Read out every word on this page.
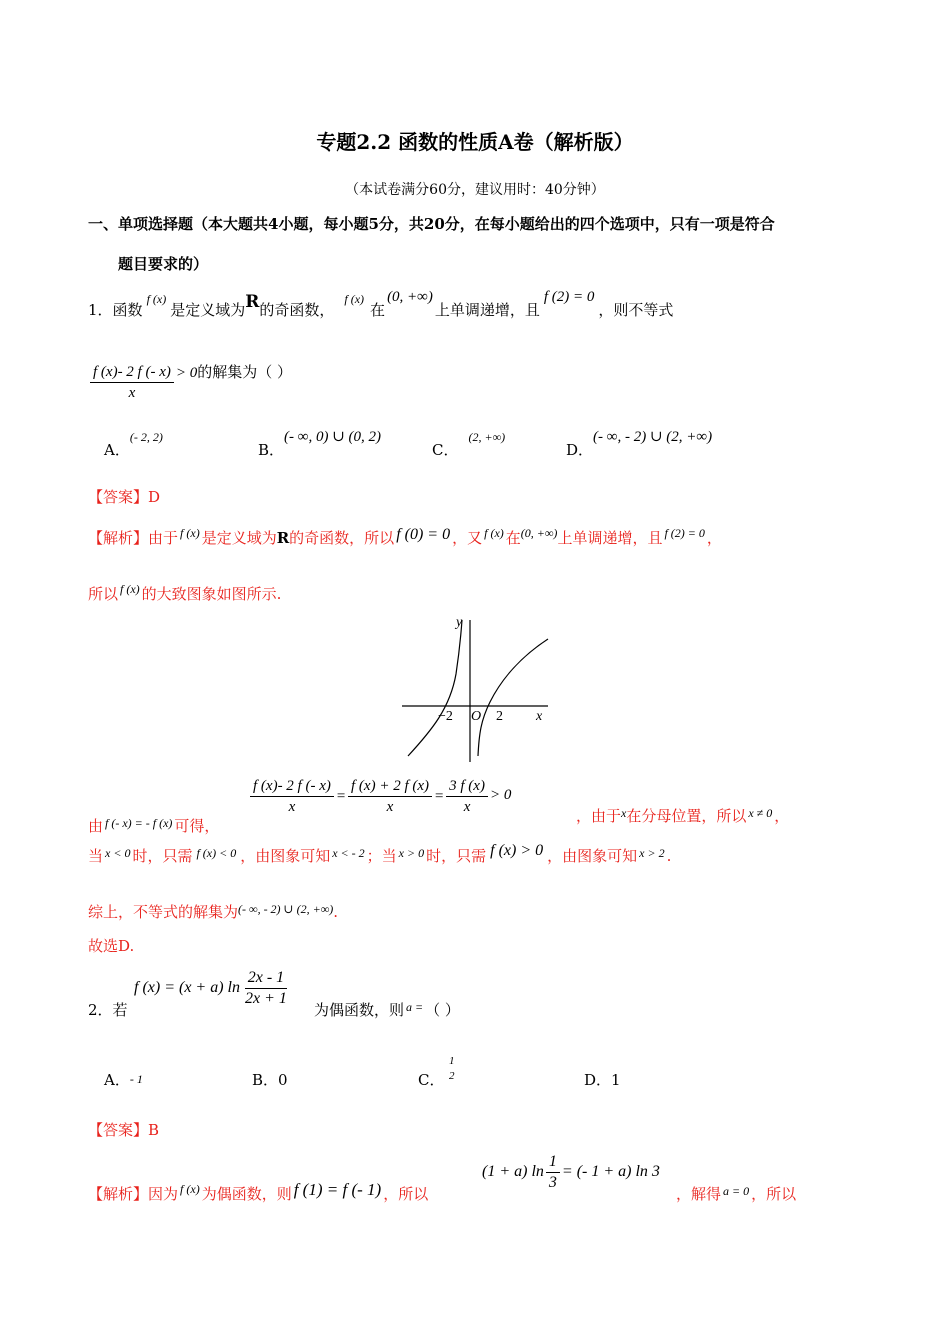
专题2.2 函数的性质A卷（解析版）
（本试卷满分60分，建议用时：40分钟）
一、单项选择题（本大题共4小题，每小题5分，共20分，在每小题给出的四个选项中，只有一项是符合
题目要求的）
1．函数$^{f (x)}$是定义域为R的奇函数，$^{f (x)}$在(0, +∞)上单调递增，且f (2) = 0，则不等式
$\frac{f (x)- 2 f (- x)}{x} > 0$的解集为（ ）
A．$^{(- 2, 2)}$
B．(- ∞, 0) ∪ (0, 2)
C．$^{(2, +\infty)}$
D．(- ∞, - 2) ∪ (2, +∞)
【答案】D
【解析】由于 $^{f (x)}$ 是定义域为R的奇函数，所以 f (0) = 0 ，又 $^{f (x)}$ 在$^{(0, +\infty)}$上单调递增，且 $^{f (2) = 0}$ ，
所以 $^{f (x)}$ 的大致图象如图所示.
y
x
O
−2	2
由 $^{f (- x) = - f (x)}$ 可得，
$\frac{f (x)- 2 f (- x)}{x} = \frac{f (x) + 2 f (x)}{x} = \frac{3 f (x)}{x} > 0$
，由于$^x$在分母位置，所以 $^{x \ne 0}$ ，
当 $^{x < 0}$ 时，只需 $^{f (x) < 0}$ ，由图象可知 $^{x < - 2}$ ；当 $^{x > 0}$ 时，只需 f (x) > 0 ，由图象可知 $^{x > 2}$ .
综上，不等式的解集为$^{(- \infty, - 2) \cup (2, +\infty)}$.
故选D.
2．若
f (x) = (x + a) $\ln \frac{2x - 1}{2x + 1}$
为偶函数，则 $^{a =}$ （ ）
A．- 1	B．0	C． $\frac{1}{2}$	D．1
【答案】B
【解析】因为 $^{f (x)}$ 为偶函数，则 f (1) = f (- 1) ，所以
(1 + a) $\ln \frac{1}{3}$ = (- 1 + a) ln 3
，解得 $^{a = 0}$ ，所以
